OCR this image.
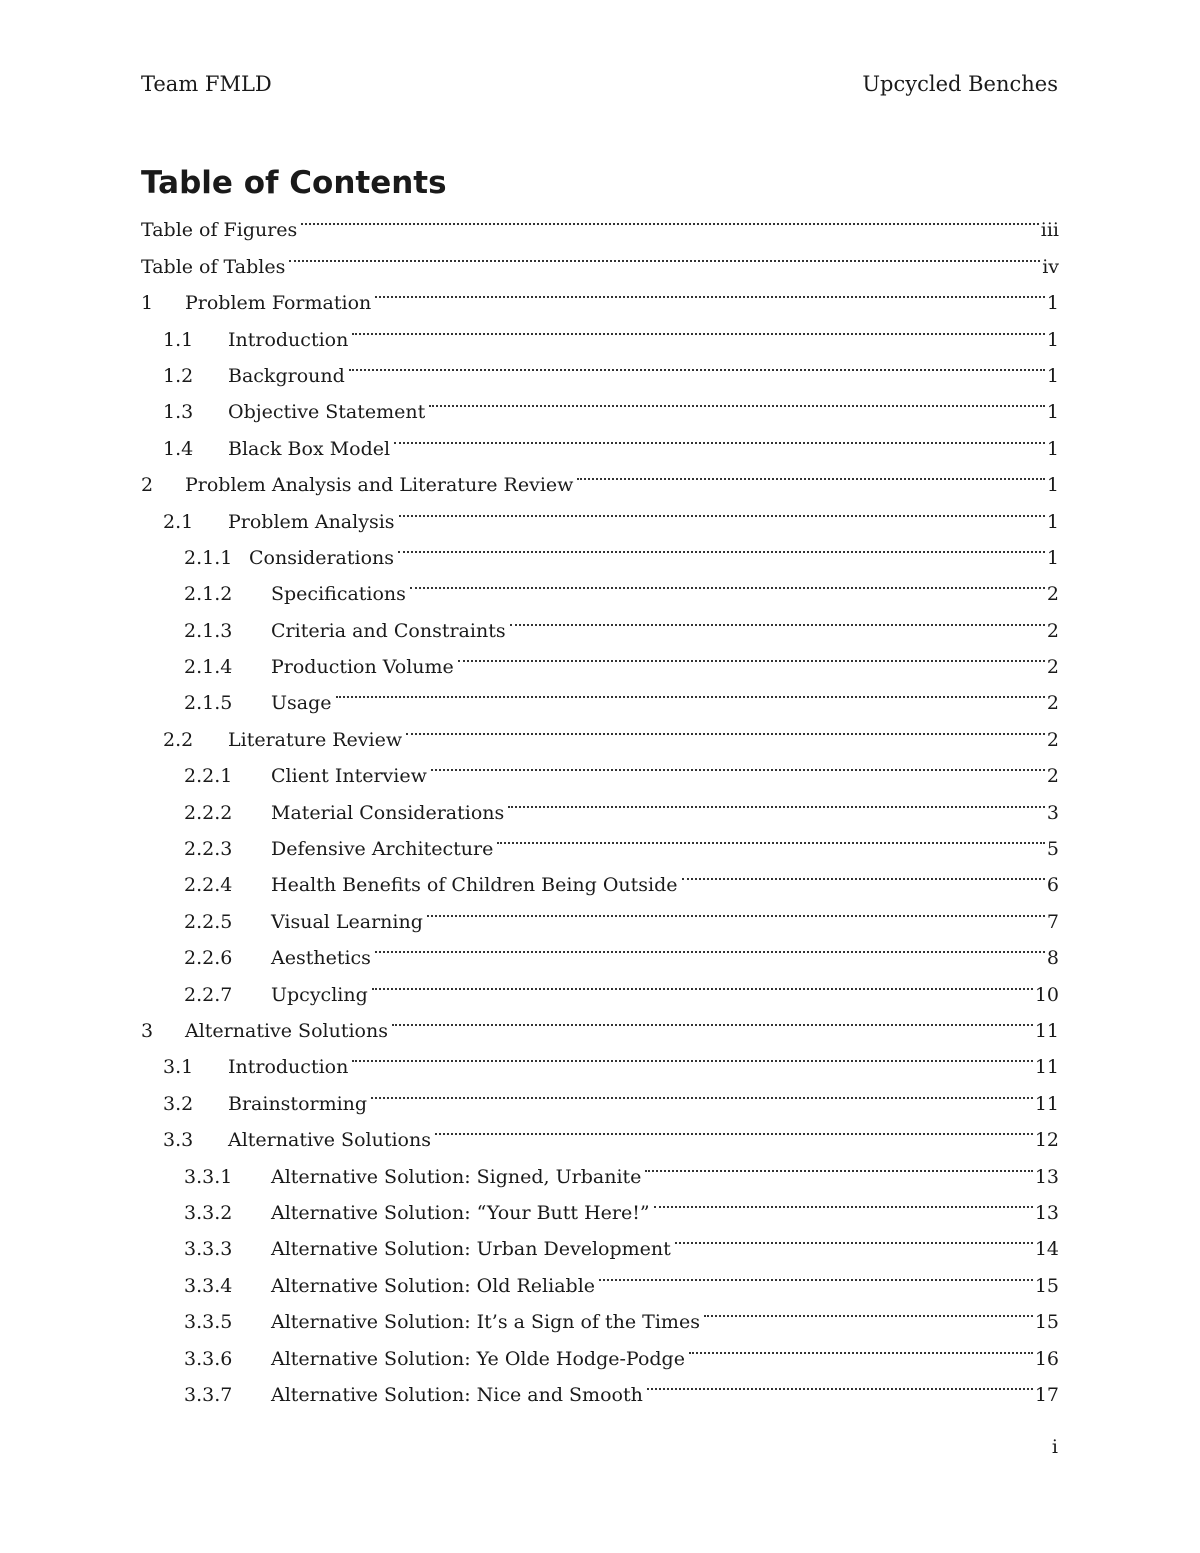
Team FMLD	Upcycled Benches
Table of Contents
Table of Figures	iii
Table of Tables	iv
1	Problem Formation	1
1.1	Introduction	1
1.2	Background	1
1.3	Objective Statement	1
1.4	Black Box Model	1
2	Problem Analysis and Literature Review	1
2.1	Problem Analysis	1
2.1.1 Considerations	1
2.1.2	Specifications	2
2.1.3	Criteria and Constraints	2
2.1.4	Production Volume	2
2.1.5	Usage	2
2.2	Literature Review	2
2.2.1	Client Interview	2
2.2.2	Material Considerations	3
2.2.3	Defensive Architecture	5
2.2.4	Health Benefits of Children Being Outside	6
2.2.5	Visual Learning	7
2.2.6	Aesthetics	8
2.2.7	Upcycling	10
3	Alternative Solutions	11
3.1	Introduction	11
3.2	Brainstorming	11
3.3	Alternative Solutions	12
3.3.1	Alternative Solution: Signed, Urbanite	13
3.3.2	Alternative Solution: “Your Butt Here!”	13
3.3.3	Alternative Solution: Urban Development	14
3.3.4	Alternative Solution: Old Reliable	15
3.3.5	Alternative Solution: It’s a Sign of the Times	15
3.3.6	Alternative Solution: Ye Olde Hodge-Podge	16
3.3.7	Alternative Solution: Nice and Smooth	17
i
